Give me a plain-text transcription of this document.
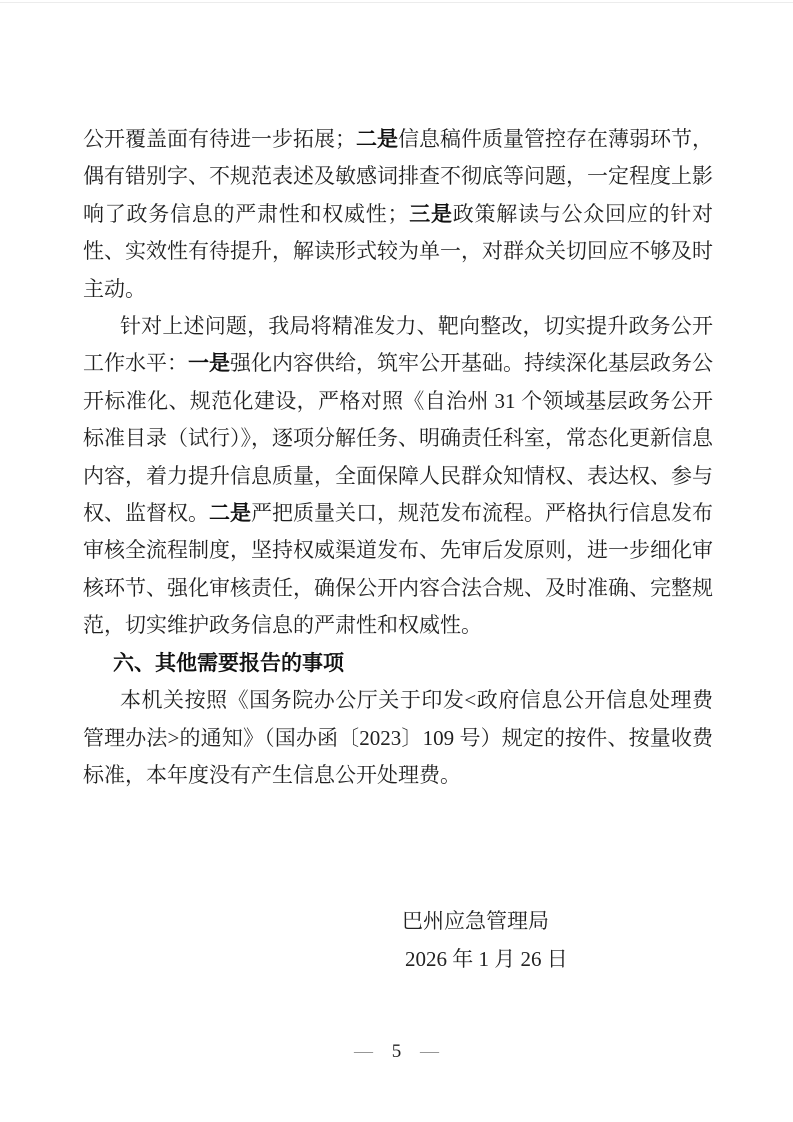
公开覆盖面有待进一步拓展；二是信息稿件质量管控存在薄弱环节，偶有错别字、不规范表述及敏感词排查不彻底等问题，一定程度上影响了政务信息的严肃性和权威性；三是政策解读与公众回应的针对性、实效性有待提升，解读形式较为单一，对群众关切回应不够及时主动。

针对上述问题，我局将精准发力、靶向整改，切实提升政务公开工作水平：一是强化内容供给，筑牢公开基础。持续深化基层政务公开标准化、规范化建设，严格对照《自治州 31 个领域基层政务公开标准目录（试行）》，逐项分解任务、明确责任科室，常态化更新信息内容，着力提升信息质量，全面保障人民群众知情权、表达权、参与权、监督权。二是严把质量关口，规范发布流程。严格执行信息发布审核全流程制度，坚持权威渠道发布、先审后发原则，进一步细化审核环节、强化审核责任，确保公开内容合法合规、及时准确、完整规范，切实维护政务信息的严肃性和权威性。

六、其他需要报告的事项

本机关按照《国务院办公厅关于印发<政府信息公开信息处理费管理办法>的通知》（国办函〔2023〕109 号）规定的按件、按量收费标准，本年度没有产生信息公开处理费。

巴州应急管理局
2026 年 1 月 26 日
— 5 —
